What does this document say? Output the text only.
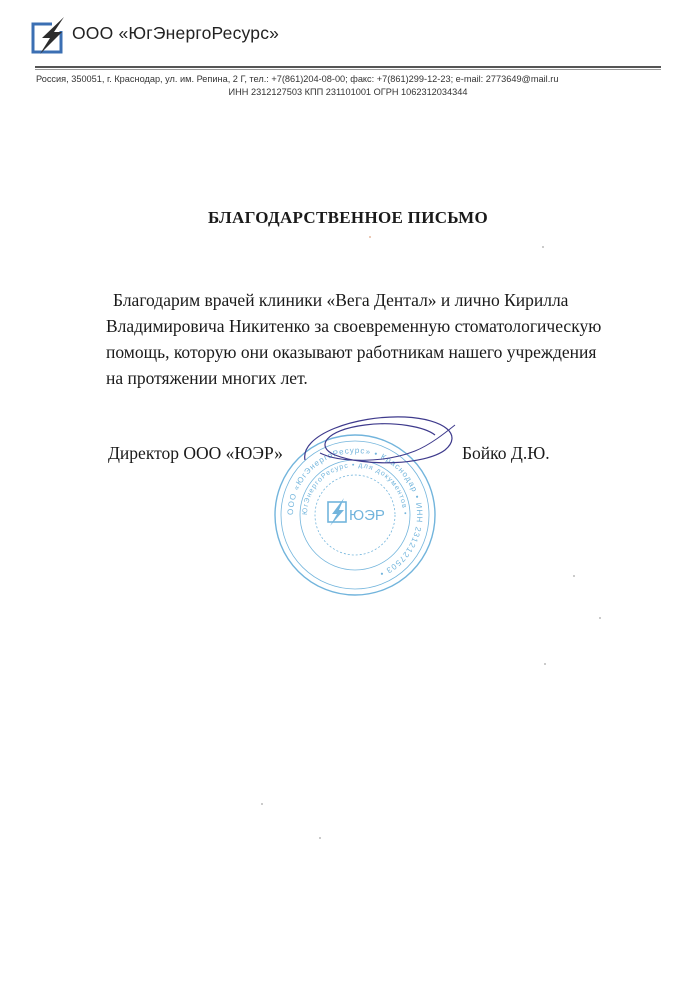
ООО «ЮгЭнергоРесурс»
Россия, 350051, г. Краснодар, ул. им. Репина, 2 Г, тел.: +7(861)204-08-00; факс: +7(861)299-12-23; e-mail: 2773649@mail.ru
ИНН 2312127503 КПП 231101001 ОГРН 1062312034344
БЛАГОДАРСТВЕННОЕ ПИСЬМО
Благодарим врачей клиники «Вега Дентал» и лично Кирилла
Владимировича Никитенко за своевременную стоматологическую
помощь, которую они оказывают работникам нашего учреждения
на протяжении многих лет.
ООО «ЮгЭнергоРесурс» • Краснодар • ИНН 2312127503 •
ЮгЭнергоРесурс • для документов •
ЮЭР
Директор ООО «ЮЭР»	Бойко Д.Ю.
